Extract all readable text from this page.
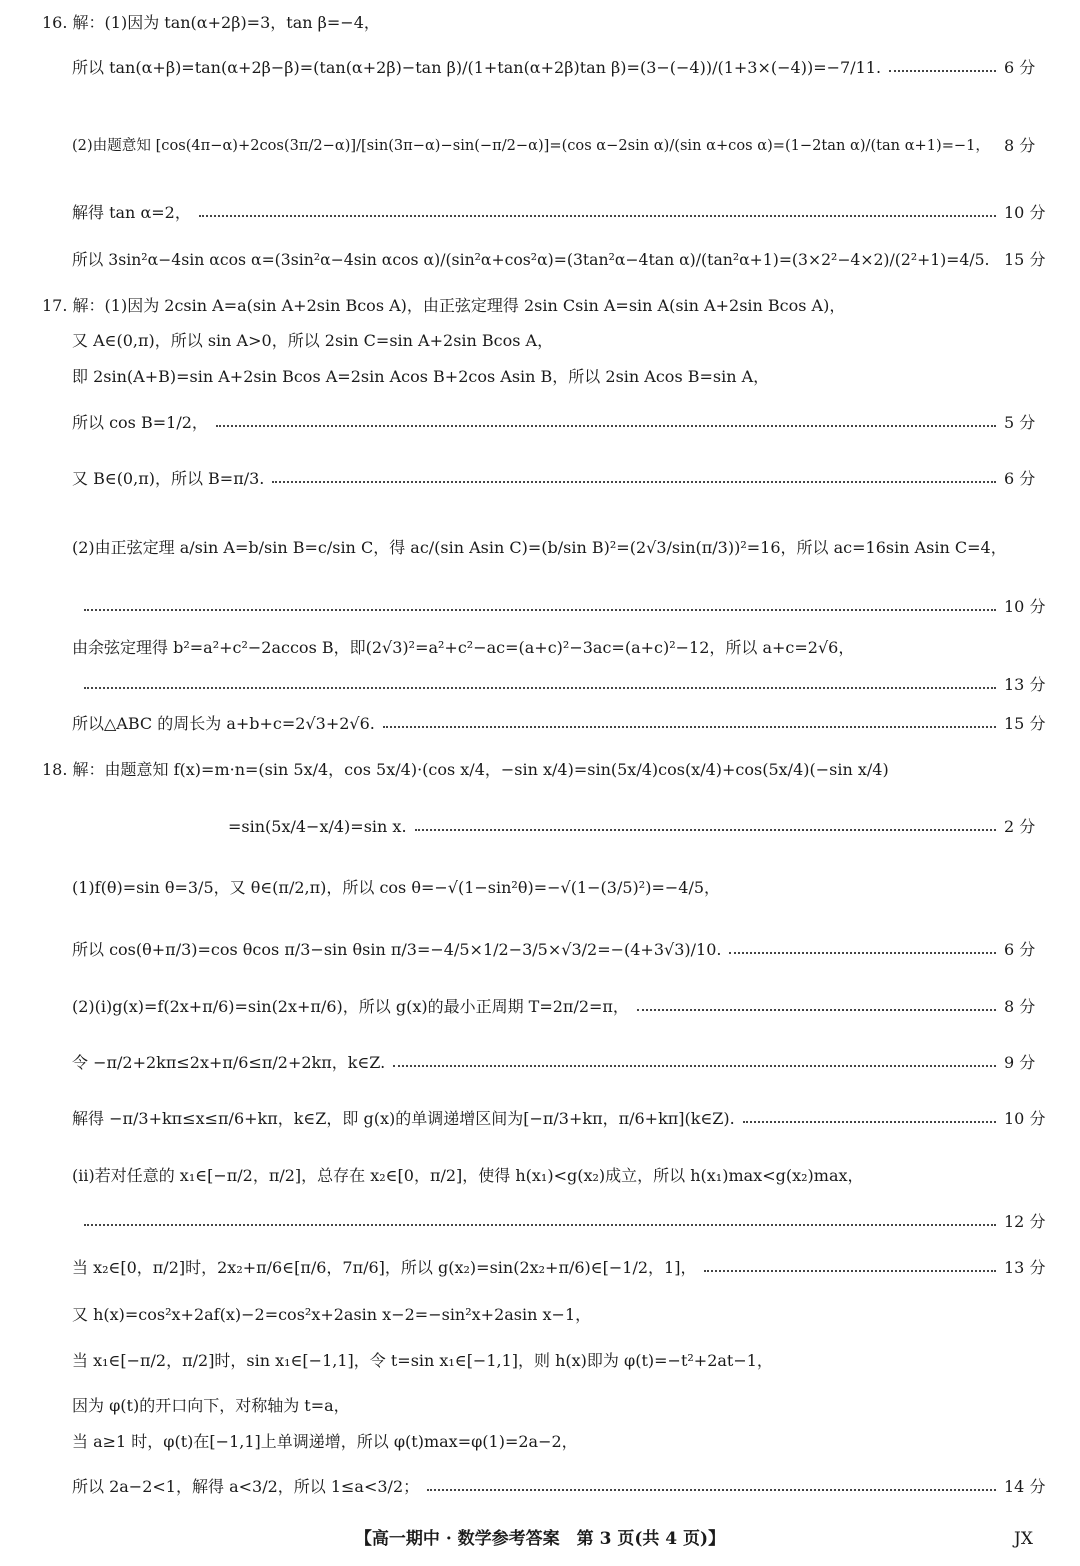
16. 解：(1)因为 tan(α+2β)=3，tan β=−4，
所以 tan(α+β)=tan(α+2β−β)=(tan(α+2β)−tan β)/(1+tan(α+2β)tan β)=(3−(−4))/(1+3×(−4))=−7/11.	6 分
(2)由题意知 [cos(4π−α)+2cos(3π/2−α)]/[sin(3π−α)−sin(−π/2−α)]=(cos α−2sin α)/(sin α+cos α)=(1−2tan α)/(tan α+1)=−1， 8 分
解得 tan α=2，	10 分
所以 3sin²α−4sin αcos α=(3sin²α−4sin αcos α)/(sin²α+cos²α)=(3tan²α−4tan α)/(tan²α+1)=(3×2²−4×2)/(2²+1)=4/5. 15 分
17. 解：(1)因为 2csin A=a(sin A+2sin Bcos A)，由正弦定理得 2sin Csin A=sin A(sin A+2sin Bcos A)，
又 A∈(0,π)，所以 sin A>0，所以 2sin C=sin A+2sin Bcos A，
即 2sin(A+B)=sin A+2sin Bcos A=2sin Acos B+2cos Asin B，所以 2sin Acos B=sin A，
所以 cos B=1/2，	5 分
又 B∈(0,π)，所以 B=π/3.	6 分
(2)由正弦定理 a/sin A=b/sin B=c/sin C，得 ac/(sin Asin C)=(b/sin B)²=(2√3/sin(π/3))²=16，所以 ac=16sin Asin C=4，
10 分
由余弦定理得 b²=a²+c²−2accos B，即(2√3)²=a²+c²−ac=(a+c)²−3ac=(a+c)²−12，所以 a+c=2√6，
13 分
所以△ABC 的周长为 a+b+c=2√3+2√6.	15 分
18. 解：由题意知 f(x)=m·n=(sin 5x/4，cos 5x/4)·(cos x/4，−sin x/4)=sin(5x/4)cos(x/4)+cos(5x/4)(−sin x/4)
=sin(5x/4−x/4)=sin x.	2 分
(1)f(θ)=sin θ=3/5，又 θ∈(π/2,π)，所以 cos θ=−√(1−sin²θ)=−√(1−(3/5)²)=−4/5，
所以 cos(θ+π/3)=cos θcos π/3−sin θsin π/3=−4/5×1/2−3/5×√3/2=−(4+3√3)/10.	6 分
(2)(ⅰ)g(x)=f(2x+π/6)=sin(2x+π/6)，所以 g(x)的最小正周期 T=2π/2=π，	8 分
令 −π/2+2kπ≤2x+π/6≤π/2+2kπ，k∈Z.	9 分
解得 −π/3+kπ≤x≤π/6+kπ，k∈Z，即 g(x)的单调递增区间为[−π/3+kπ，π/6+kπ](k∈Z).	10 分
(ⅱ)若对任意的 x₁∈[−π/2，π/2]，总存在 x₂∈[0，π/2]，使得 h(x₁)<g(x₂)成立，所以 h(x₁)max<g(x₂)max，
12 分
当 x₂∈[0，π/2]时，2x₂+π/6∈[π/6，7π/6]，所以 g(x₂)=sin(2x₂+π/6)∈[−1/2，1]，	13 分
又 h(x)=cos²x+2af(x)−2=cos²x+2asin x−2=−sin²x+2asin x−1，
当 x₁∈[−π/2，π/2]时，sin x₁∈[−1,1]，令 t=sin x₁∈[−1,1]，则 h(x)即为 φ(t)=−t²+2at−1，
因为 φ(t)的开口向下，对称轴为 t=a，
当 a≥1 时，φ(t)在[−1,1]上单调递增，所以 φ(t)max=φ(1)=2a−2，
所以 2a−2<1，解得 a<3/2，所以 1≤a<3/2；	14 分
【高一期中 · 数学参考答案　第 3 页(共 4 页)】	JX
